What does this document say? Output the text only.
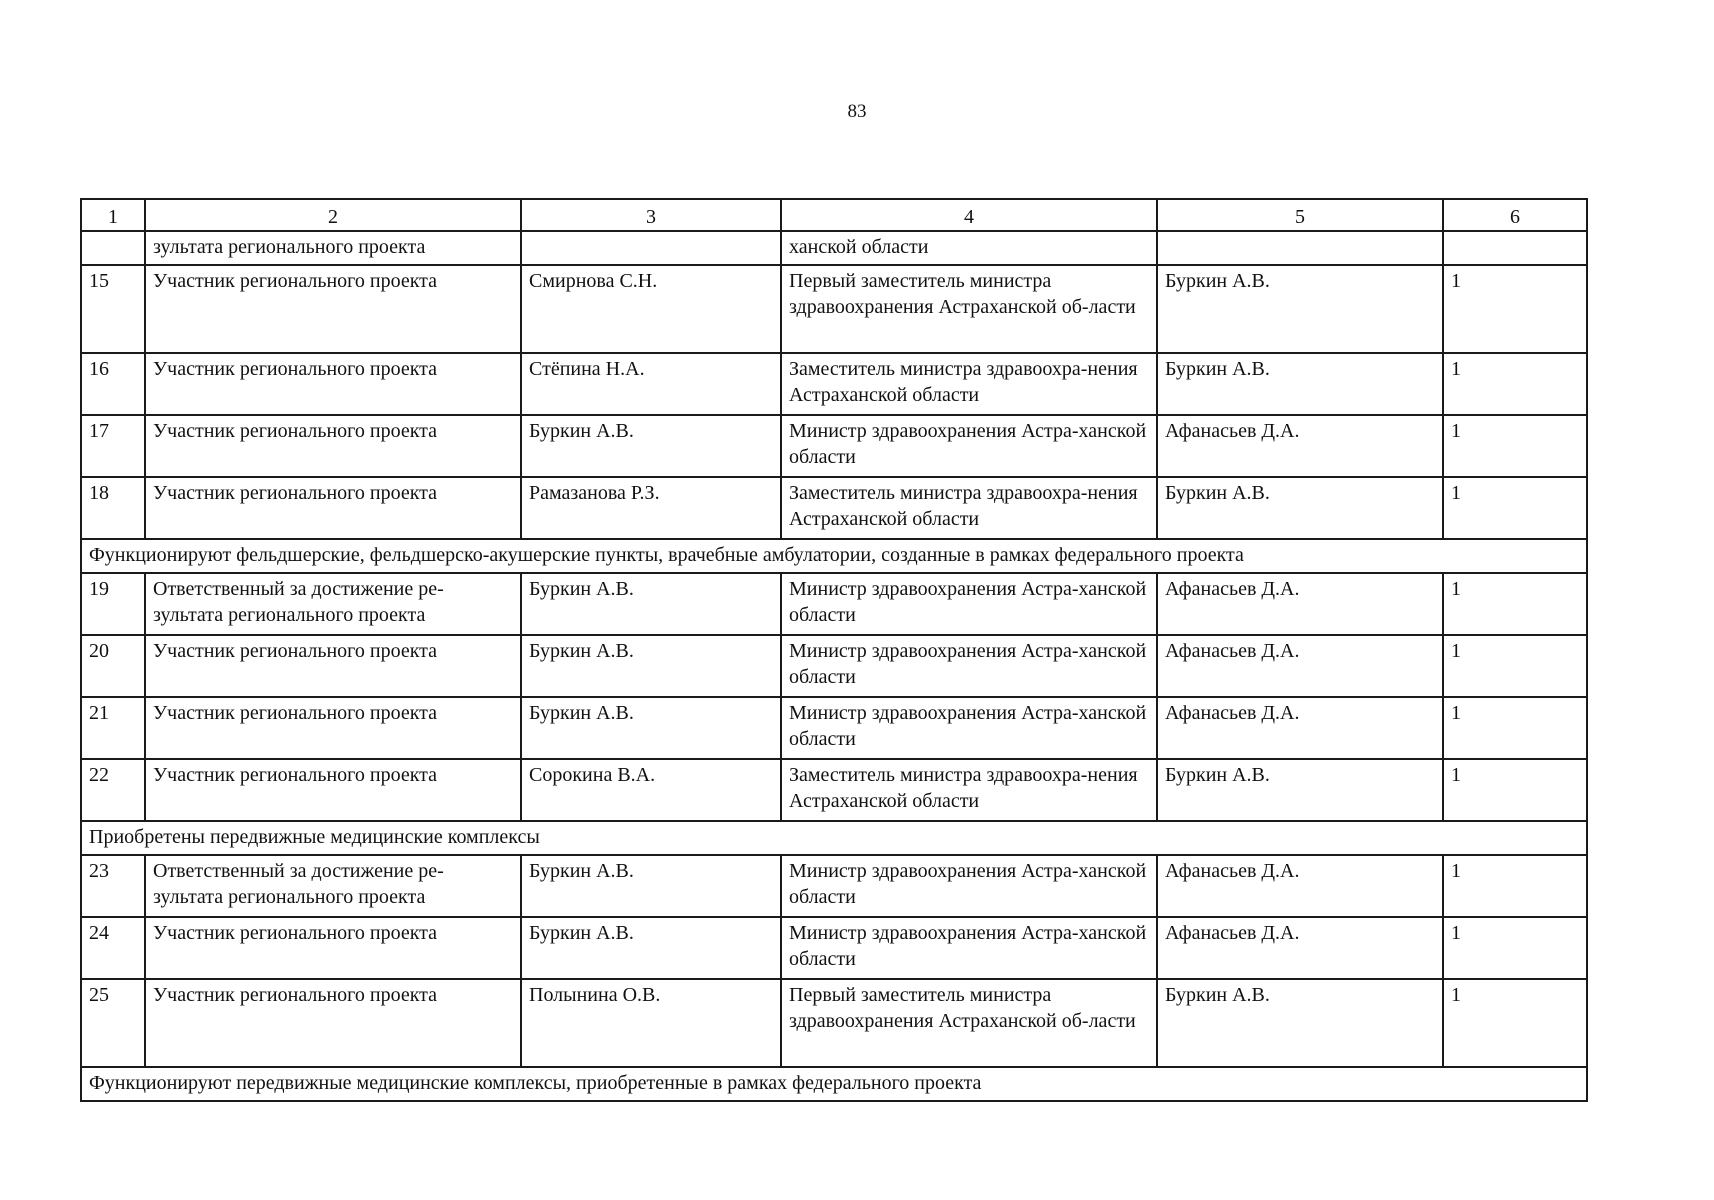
83
1	2	3	4	5	6
	зультата регионального проекта		ханской области		
15	Участник регионального проекта	Смирнова С.Н.	Первый заместитель министра здравоохранения Астраханской об-ласти	Буркин А.В.	1
16	Участник регионального проекта	Стёпина Н.А.	Заместитель министра здравоохра-нения Астраханской области	Буркин А.В.	1
17	Участник регионального проекта	Буркин А.В.	Министр здравоохранения Астра-ханской области	Афанасьев Д.А.	1
18	Участник регионального проекта	Рамазанова Р.З.	Заместитель министра здравоохра-нения Астраханской области	Буркин А.В.	1
Функционируют фельдшерские, фельдшерско-акушерские пункты, врачебные амбулатории, созданные в рамках федерального проекта					
19	Ответственный за достижение ре-зультата регионального проекта	Буркин А.В.	Министр здравоохранения Астра-ханской области	Афанасьев Д.А.	1
20	Участник регионального проекта	Буркин А.В.	Министр здравоохранения Астра-ханской области	Афанасьев Д.А.	1
21	Участник регионального проекта	Буркин А.В.	Министр здравоохранения Астра-ханской области	Афанасьев Д.А.	1
22	Участник регионального проекта	Сорокина В.А.	Заместитель министра здравоохра-нения Астраханской области	Буркин А.В.	1
Приобретены передвижные медицинские комплексы					
23	Ответственный за достижение ре-зультата регионального проекта	Буркин А.В.	Министр здравоохранения Астра-ханской области	Афанасьев Д.А.	1
24	Участник регионального проекта	Буркин А.В.	Министр здравоохранения Астра-ханской области	Афанасьев Д.А.	1
25	Участник регионального проекта	Полынина О.В.	Первый заместитель министра здравоохранения Астраханской об-ласти	Буркин А.В.	1
Функционируют передвижные медицинские комплексы, приобретенные в рамках федерального проекта					
